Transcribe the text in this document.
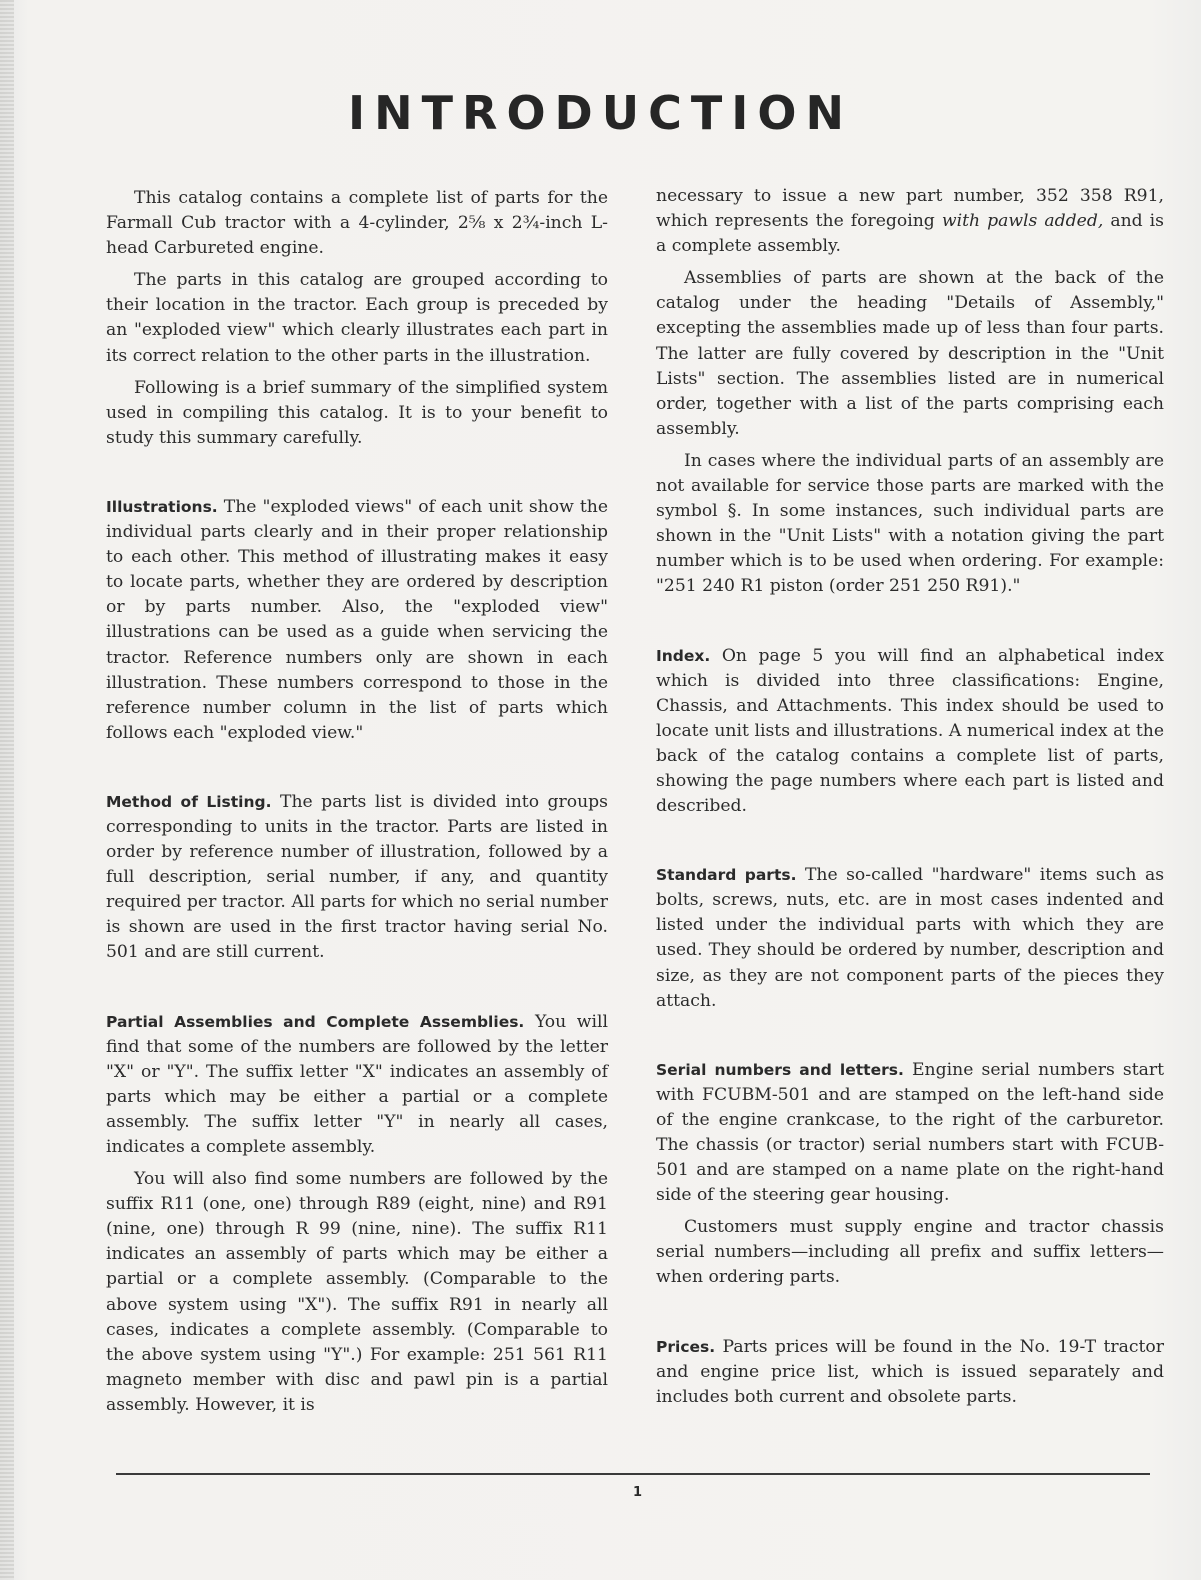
INTRODUCTION

This catalog contains a complete list of parts for the Farmall Cub tractor with a 4-cylinder, 2⅝ x 2¾-inch L-head Carbureted engine.

The parts in this catalog are grouped according to their location in the tractor. Each group is preceded by an "exploded view" which clearly illustrates each part in its correct relation to the other parts in the illustration.

Following is a brief summary of the simplified system used in compiling this catalog. It is to your benefit to study this summary carefully.

Illustrations. The "exploded views" of each unit show the individual parts clearly and in their proper relationship to each other. This method of illustrating makes it easy to locate parts, whether they are ordered by description or by parts number. Also, the "exploded view" illustrations can be used as a guide when servicing the tractor. Reference numbers only are shown in each illustration. These numbers correspond to those in the reference number column in the list of parts which follows each "exploded view."

Method of Listing. The parts list is divided into groups corresponding to units in the tractor. Parts are listed in order by reference number of illustration, followed by a full description, serial number, if any, and quantity required per tractor. All parts for which no serial number is shown are used in the first tractor having serial No. 501 and are still current.

Partial Assemblies and Complete Assemblies. You will find that some of the numbers are followed by the letter "X" or "Y". The suffix letter "X" indicates an assembly of parts which may be either a partial or a complete assembly. The suffix letter "Y" in nearly all cases, indicates a complete assembly.

You will also find some numbers are followed by the suffix R11 (one, one) through R89 (eight, nine) and R91 (nine, one) through R 99 (nine, nine). The suffix R11 indicates an assembly of parts which may be either a partial or a complete assembly. (Comparable to the above system using "X"). The suffix R91 in nearly all cases, indicates a complete assembly. (Comparable to the above system using "Y".) For example: 251 561 R11 magneto member with disc and pawl pin is a partial assembly. However, it is

necessary to issue a new part number, 352 358 R91, which represents the foregoing with pawls added, and is a complete assembly.

Assemblies of parts are shown at the back of the catalog under the heading "Details of Assembly," excepting the assemblies made up of less than four parts. The latter are fully covered by description in the "Unit Lists" section. The assemblies listed are in numerical order, together with a list of the parts comprising each assembly.

In cases where the individual parts of an assembly are not available for service those parts are marked with the symbol §. In some instances, such individual parts are shown in the "Unit Lists" with a notation giving the part number which is to be used when ordering. For example: "251 240 R1 piston (order 251 250 R91)."

Index. On page 5 you will find an alphabetical index which is divided into three classifications: Engine, Chassis, and Attachments. This index should be used to locate unit lists and illustrations. A numerical index at the back of the catalog contains a complete list of parts, showing the page numbers where each part is listed and described.

Standard parts. The so-called "hardware" items such as bolts, screws, nuts, etc. are in most cases indented and listed under the individual parts with which they are used. They should be ordered by number, description and size, as they are not component parts of the pieces they attach.

Serial numbers and letters. Engine serial numbers start with FCUBM-501 and are stamped on the left-hand side of the engine crankcase, to the right of the carburetor. The chassis (or tractor) serial numbers start with FCUB-501 and are stamped on a name plate on the right-hand side of the steering gear housing.

Customers must supply engine and tractor chassis serial numbers—including all prefix and suffix letters—when ordering parts.

Prices. Parts prices will be found in the No. 19-T tractor and engine price list, which is issued separately and includes both current and obsolete parts.

1
